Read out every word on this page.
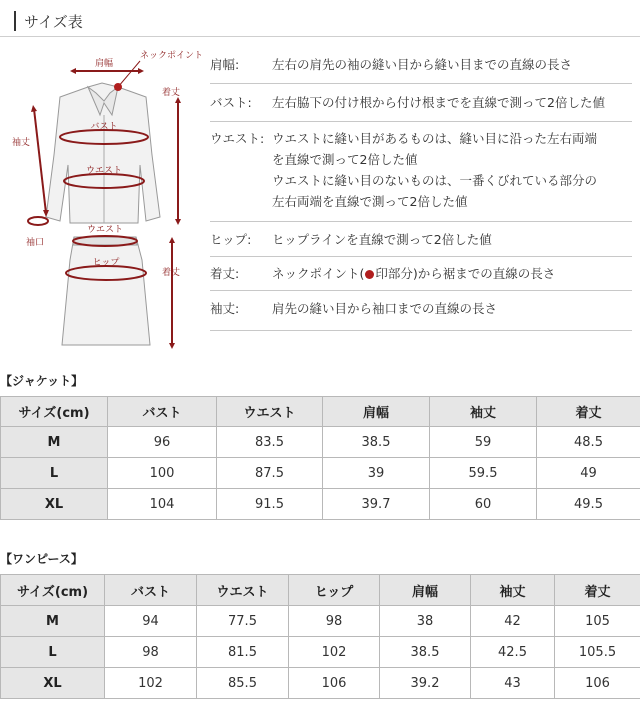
サイズ表
肩幅
ネックポイント
着丈
袖丈
バスト
ウエスト
袖口
ウエスト
ヒップ
着丈
肩幅:	左右の肩先の袖の縫い目から縫い目までの直線の長さ
バスト:	左右脇下の付け根から付け根までを直線で測って2倍した値
ウエスト: ウエストに縫い目があるものは、縫い目に沿った左右両端
を直線で測って2倍した値
ウエストに縫い目のないものは、一番くびれている部分の
左右両端を直線で測って2倍した値
ヒップ:	ヒップラインを直線で測って2倍した値
着丈:	ネックポイント( 印部分)から裾までの直線の長さ
袖丈:	肩先の縫い目から袖口までの直線の長さ
【ジャケット】
サイズ(cm)	バスト	ウエスト	肩幅	袖丈	着丈
M	96	83.5	38.5	59	48.5
L	100	87.5	39	59.5	49
XL	104	91.5	39.7	60	49.5
【ワンピース】
サイズ(cm)	バスト	ウエスト	ヒップ	肩幅	袖丈	着丈
M	94	77.5	98	38	42	105
L	98	81.5	102	38.5	42.5	105.5
XL	102	85.5	106	39.2	43	106
